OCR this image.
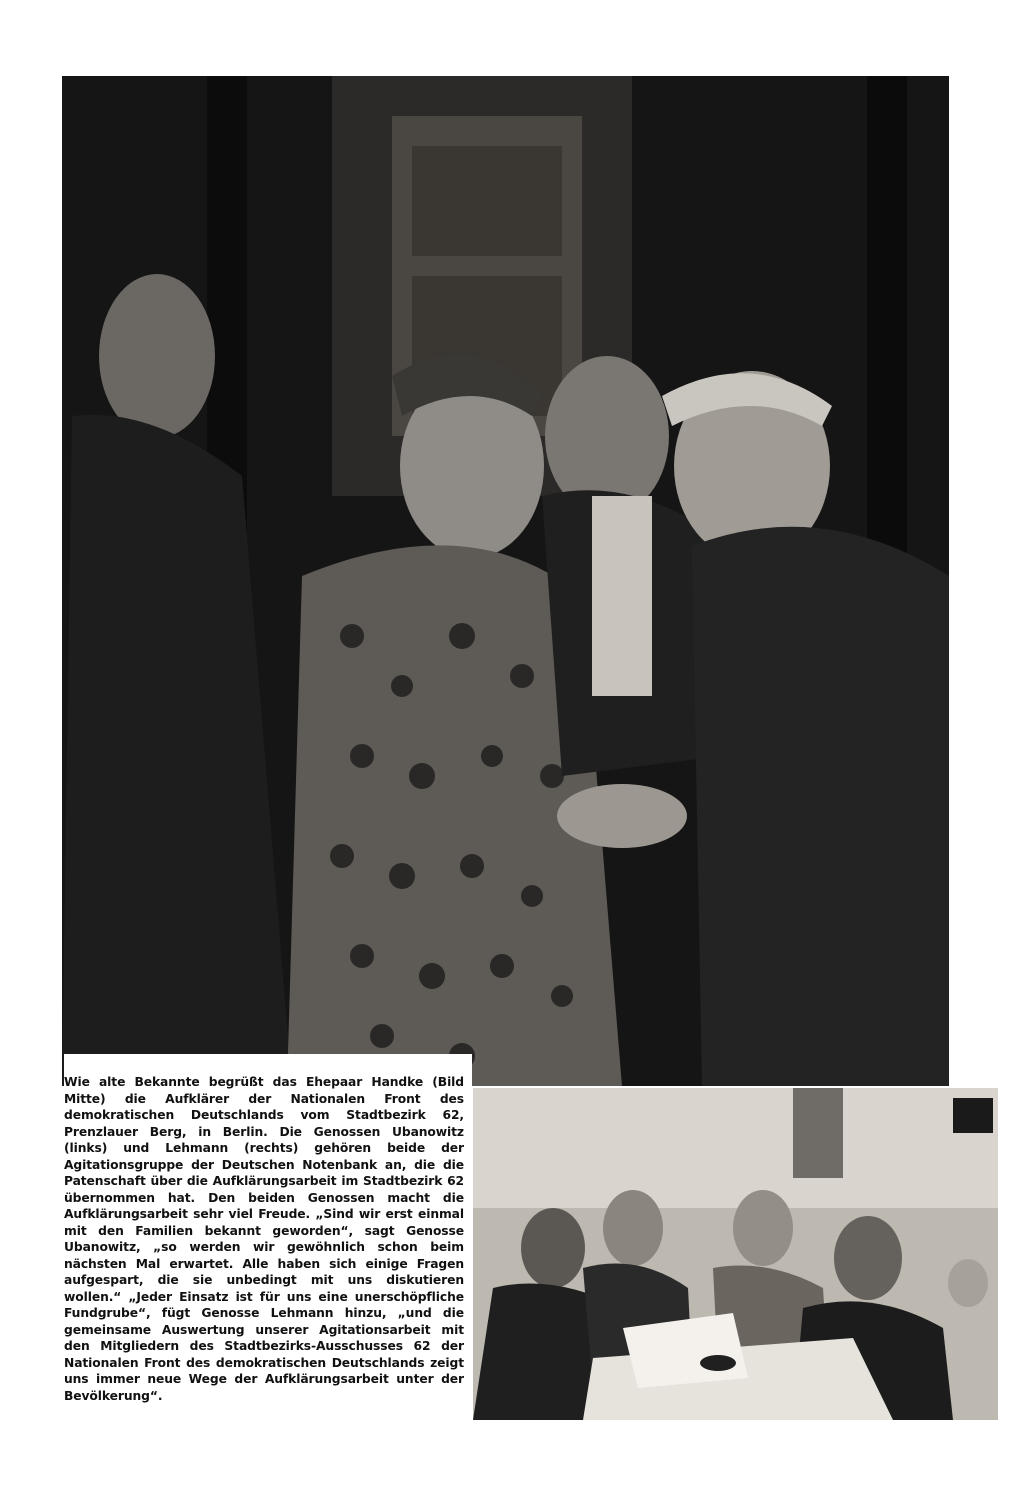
Wie alte Bekannte begrüßt das Ehepaar Handke (Bild Mitte) die Aufklärer der Nationalen Front des demokratischen Deutschlands vom Stadtbezirk 62, Prenzlauer Berg, in Berlin. Die Genossen Ubanowitz (links) und Lehmann (rechts) gehören beide der Agitationsgruppe der Deutschen Notenbank an, die die Patenschaft über die Aufklärungsarbeit im Stadtbezirk 62 übernommen hat. Den beiden Genossen macht die Aufklärungsarbeit sehr viel Freude. „Sind wir erst einmal mit den Familien bekannt geworden“, sagt Genosse Ubanowitz, „so werden wir gewöhnlich schon beim nächsten Mal erwartet. Alle haben sich einige Fragen aufgespart, die sie unbedingt mit uns diskutieren wollen.“ „Jeder Einsatz ist für uns eine unerschöpfliche Fundgrube“, fügt Genosse Lehmann hinzu, „und die gemeinsame Auswertung unserer Agitationsarbeit mit den Mitgliedern des Stadtbezirks-Ausschusses 62 der Nationalen Front des demokratischen Deutschlands zeigt uns immer neue Wege der Aufklärungsarbeit unter der Bevölkerung“.
